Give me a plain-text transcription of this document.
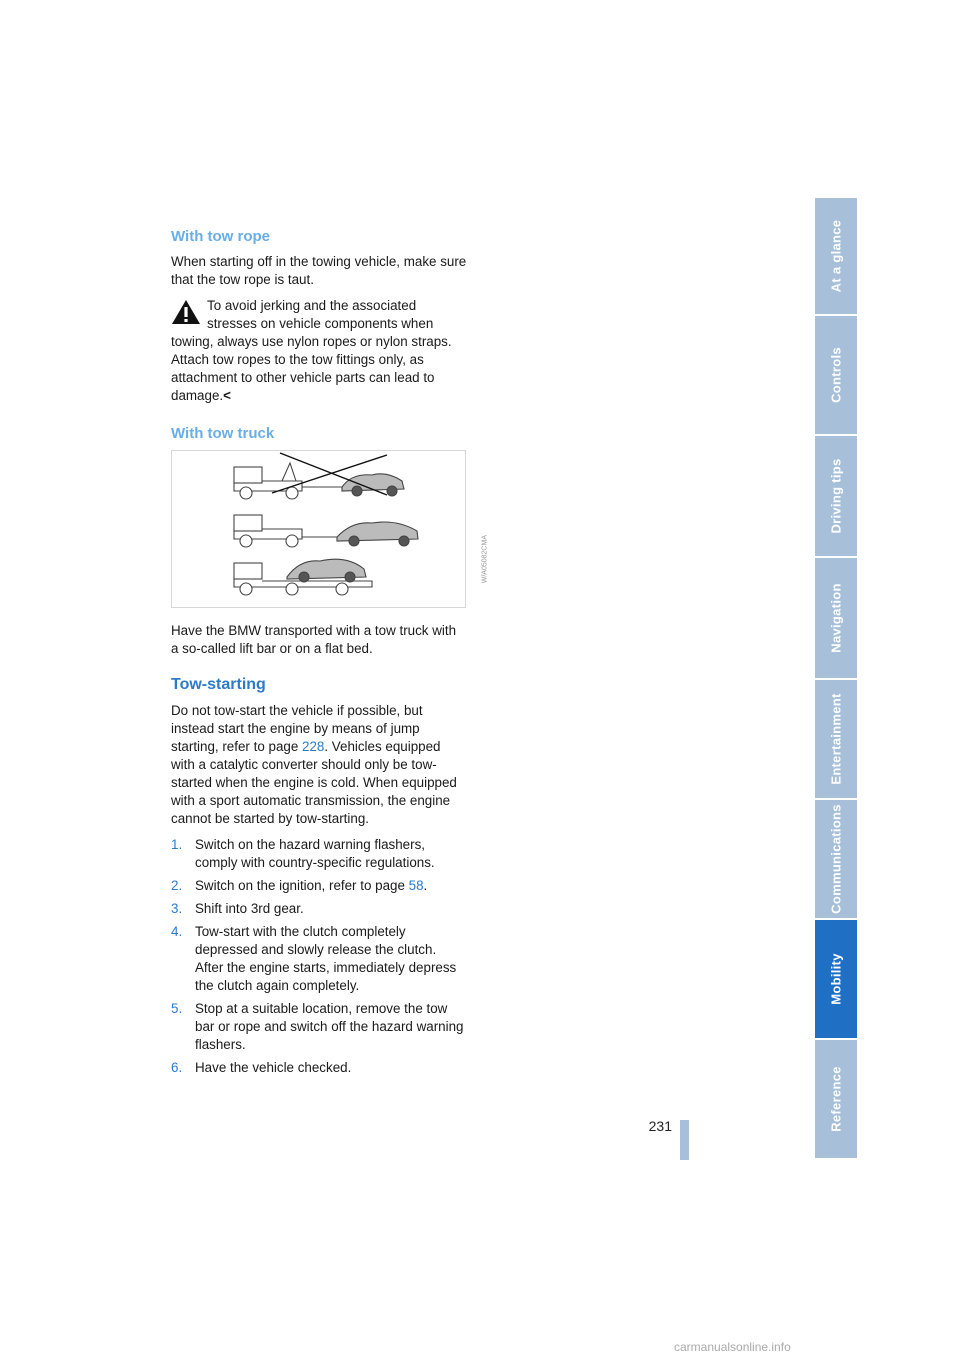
With tow rope

When starting off in the towing vehicle, make sure that the tow rope is taut.

To avoid jerking and the associated stresses on vehicle components when

towing, always use nylon ropes or nylon straps. Attach tow ropes to the tow fittings only, as attachment to other vehicle parts can lead to damage.<

With tow truck
W/A05082CMA

Have the BMW transported with a tow truck with a so-called lift bar or on a flat bed.

Tow-starting

Do not tow-start the vehicle if possible, but instead start the engine by means of jump starting, refer to page 228. Vehicles equipped with a catalytic converter should only be tow-started when the engine is cold. When equipped with a sport automatic transmission, the engine cannot be started by tow-starting.

1. Switch on the hazard warning flashers, comply with country-specific regulations.
2. Switch on the ignition, refer to page 58.
3. Shift into 3rd gear.
4. Tow-start with the clutch completely depressed and slowly release the clutch. After the engine starts, immediately depress the clutch again completely.
5. Stop at a suitable location, remove the tow bar or rope and switch off the hazard warning flashers.
6. Have the vehicle checked.
At a glance
Controls
Driving tips
Navigation
Entertainment
Communications
Mobility
Reference
231
carmanualsonline.info
